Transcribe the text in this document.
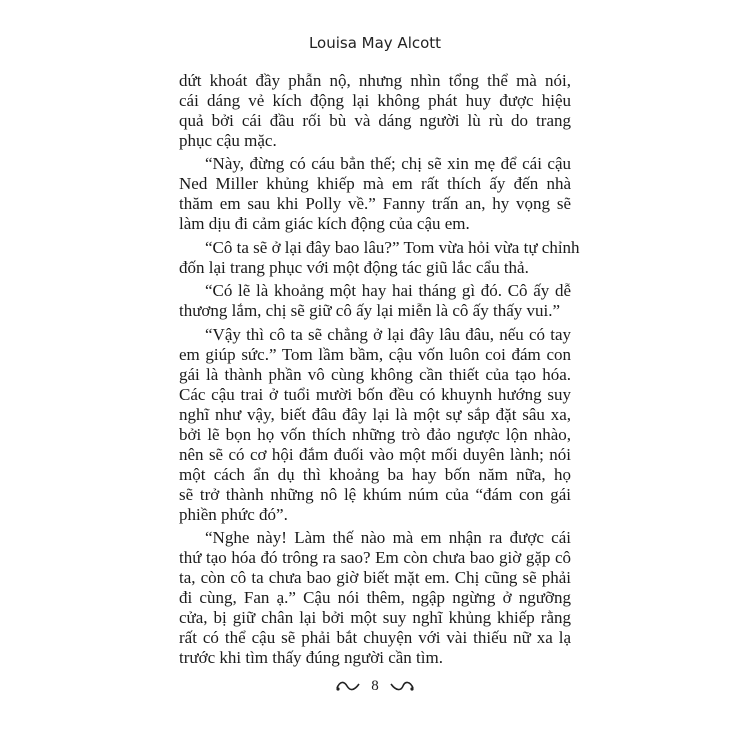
Louisa May Alcott
dứt khoát đầy phẫn nộ, nhưng nhìn tổng thể mà nói,
cái dáng vẻ kích động lại không phát huy được hiệu
quả bởi cái đầu rối bù và dáng người lù rù do trang
phục cậu mặc.
“Này, đừng có cáu bẳn thế; chị sẽ xin mẹ để cái cậu
Ned Miller khủng khiếp mà em rất thích ấy đến nhà
thăm em sau khi Polly về.” Fanny trấn an, hy vọng sẽ
làm dịu đi cảm giác kích động của cậu em.
“Cô ta sẽ ở lại đây bao lâu?” Tom vừa hỏi vừa tự chỉnh
đốn lại trang phục với một động tác giũ lắc cẩu thả.
“Có lẽ là khoảng một hay hai tháng gì đó. Cô ấy dễ
thương lắm, chị sẽ giữ cô ấy lại miễn là cô ấy thấy vui.”
“Vậy thì cô ta sẽ chẳng ở lại đây lâu đâu, nếu có tay
em giúp sức.” Tom lầm bầm, cậu vốn luôn coi đám con
gái là thành phần vô cùng không cần thiết của tạo hóa.
Các cậu trai ở tuổi mười bốn đều có khuynh hướng suy
nghĩ như vậy, biết đâu đây lại là một sự sắp đặt sâu xa,
bởi lẽ bọn họ vốn thích những trò đảo ngược lộn nhào,
nên sẽ có cơ hội đắm đuối vào một mối duyên lành; nói
một cách ẩn dụ thì khoảng ba hay bốn năm nữa, họ
sẽ trở thành những nô lệ khúm núm của “đám con gái
phiền phức đó”.
“Nghe này! Làm thế nào mà em nhận ra được cái
thứ tạo hóa đó trông ra sao? Em còn chưa bao giờ gặp cô
ta, còn cô ta chưa bao giờ biết mặt em. Chị cũng sẽ phải
đi cùng, Fan ạ.” Cậu nói thêm, ngập ngừng ở ngưỡng
cửa, bị giữ chân lại bởi một suy nghĩ khủng khiếp rằng
rất có thể cậu sẽ phải bắt chuyện với vài thiếu nữ xa lạ
trước khi tìm thấy đúng người cần tìm.
8
